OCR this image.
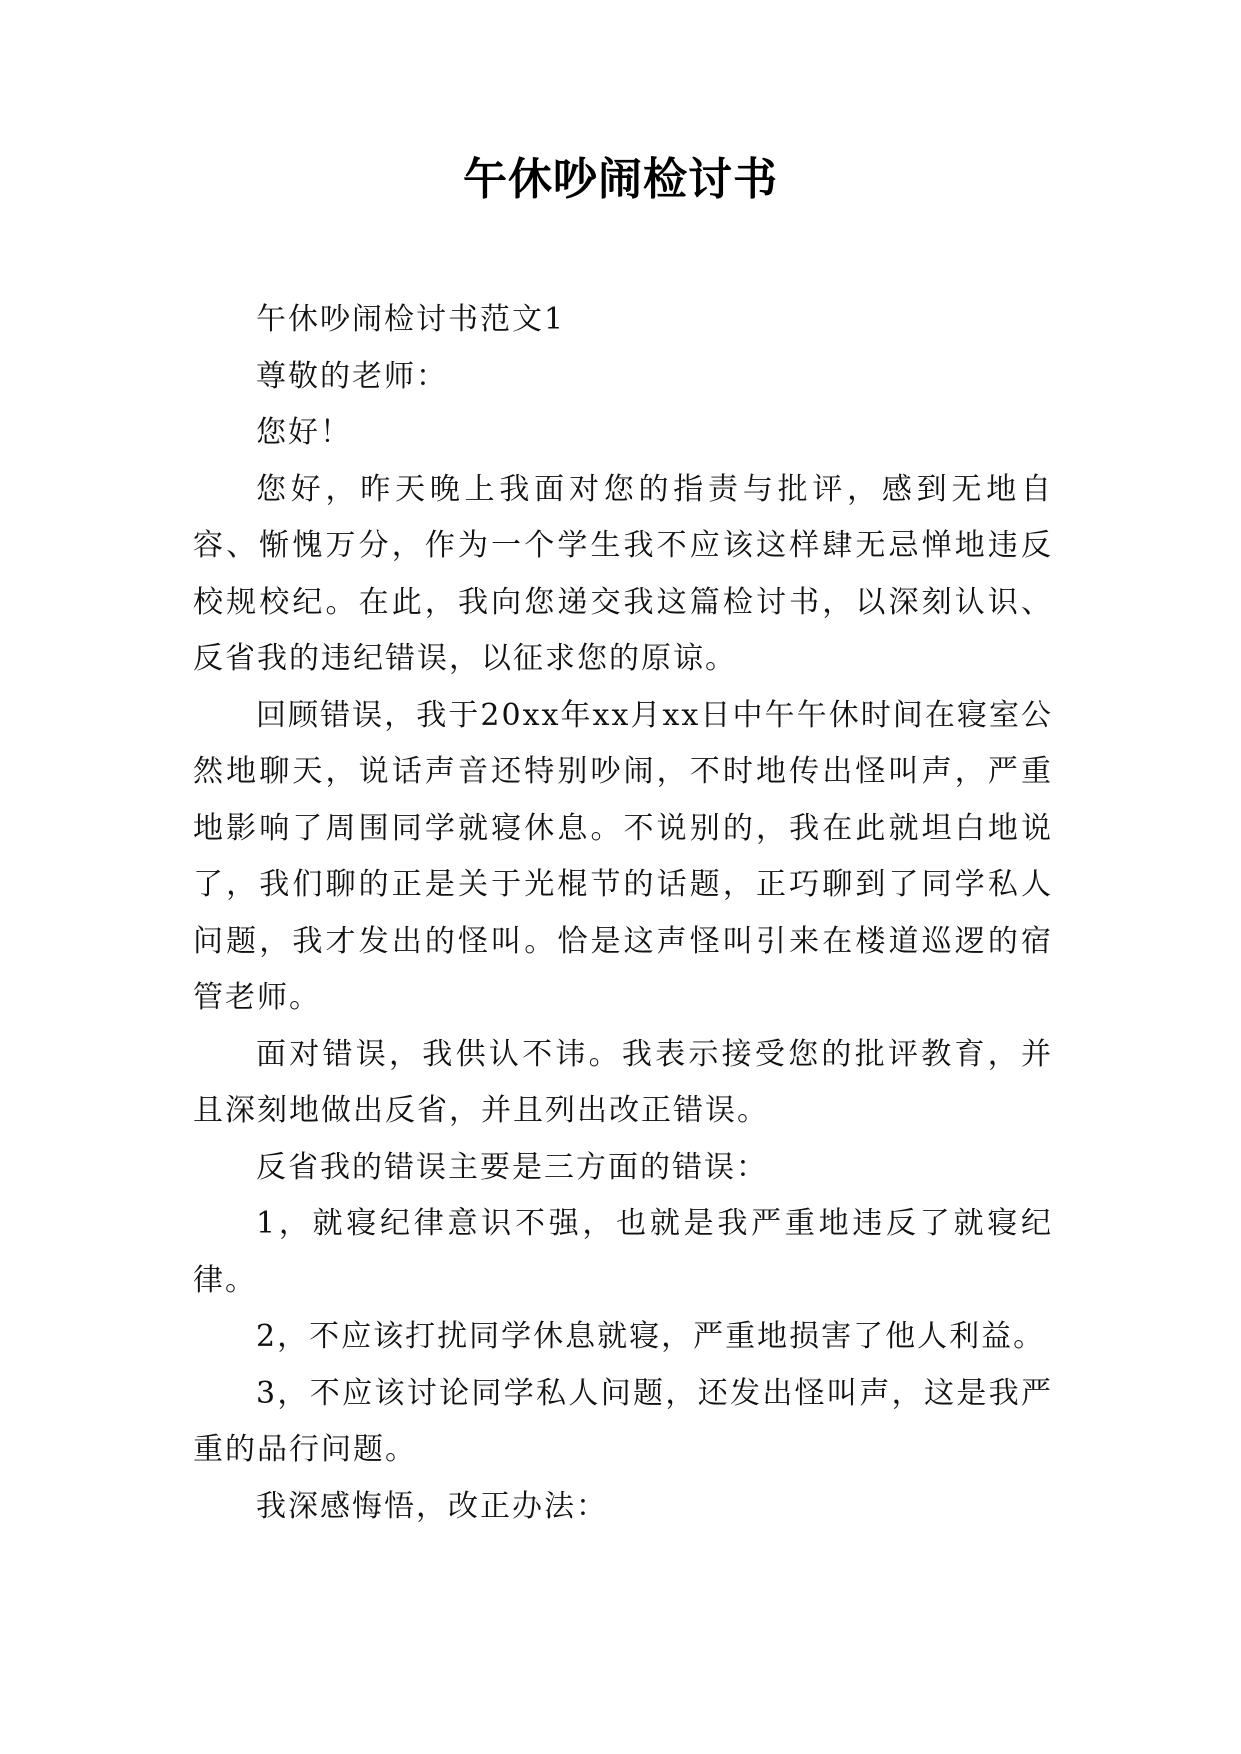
午休吵闹检讨书

午休吵闹检讨书范文1

尊敬的老师：

您好！

您好，昨天晚上我面对您的指责与批评，感到无地自容、惭愧万分，作为一个学生我不应该这样肆无忌惮地违反校规校纪。在此，我向您递交我这篇检讨书，以深刻认识、反省我的违纪错误，以征求您的原谅。

回顾错误，我于20xx年xx月xx日中午午休时间在寝室公然地聊天，说话声音还特别吵闹，不时地传出怪叫声，严重地影响了周围同学就寝休息。不说别的，我在此就坦白地说了，我们聊的正是关于光棍节的话题，正巧聊到了同学私人问题，我才发出的怪叫。恰是这声怪叫引来在楼道巡逻的宿管老师。

面对错误，我供认不讳。我表示接受您的批评教育，并且深刻地做出反省，并且列出改正错误。

反省我的错误主要是三方面的错误：

1，就寝纪律意识不强，也就是我严重地违反了就寝纪律。

2，不应该打扰同学休息就寝，严重地损害了他人利益。

3，不应该讨论同学私人问题，还发出怪叫声，这是我严重的品行问题。

我深感悔悟，改正办法：
